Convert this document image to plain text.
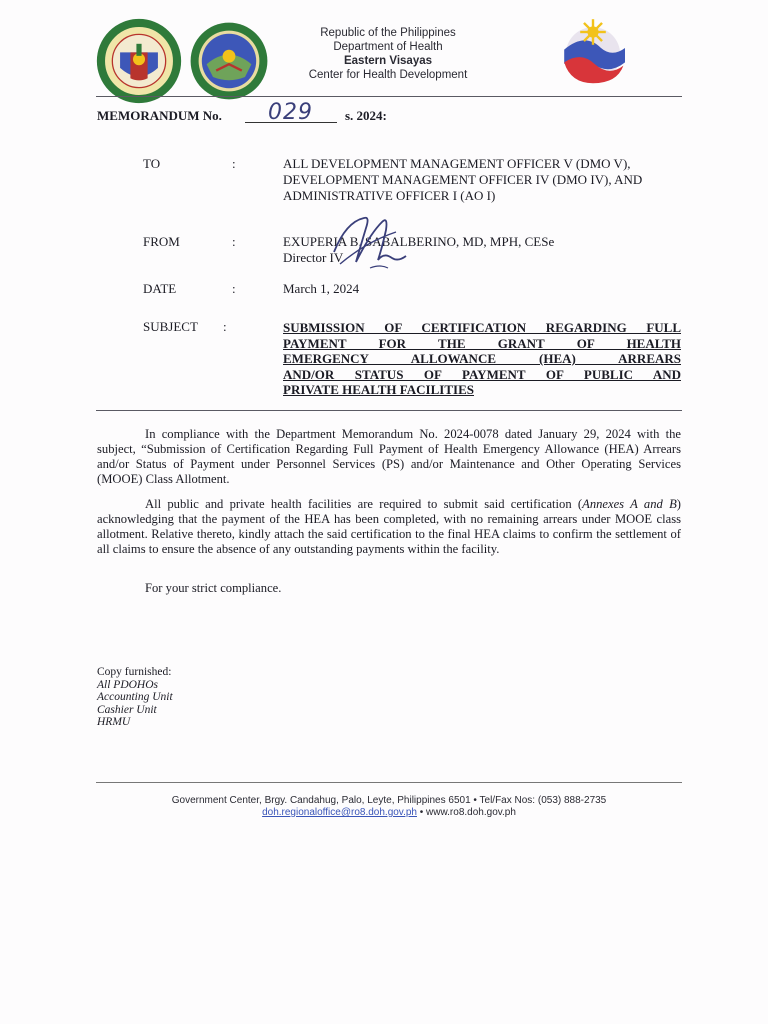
Republic of the Philippines
Department of Health
Eastern Visayas
Center for Health Development
MEMORANDUM No. 029 s. 2024:
TO	:	ALL DEVELOPMENT MANAGEMENT OFFICER V (DMO V), DEVELOPMENT MANAGEMENT OFFICER IV (DMO IV), AND ADMINISTRATIVE OFFICER I (AO I)
FROM	:	EXUPERIA B. SABALBERINO, MD, MPH, CESe
Director IV
DATE	:	March 1, 2024
SUBJECT :	SUBMISSION OF CERTIFICATION REGARDING FULL
PAYMENT FOR THE GRANT OF HEALTH
EMERGENCY ALLOWANCE (HEA) ARREARS
AND/OR STATUS OF PAYMENT OF PUBLIC AND
PRIVATE HEALTH FACILITIES
In compliance with the Department Memorandum No. 2024-0078 dated January 29, 2024 with the subject, “Submission of Certification Regarding Full Payment of Health Emergency Allowance (HEA) Arrears and/or Status of Payment under Personnel Services (PS) and/or Maintenance and Other Operating Services (MOOE) Class Allotment.
All public and private health facilities are required to submit said certification (Annexes A and B) acknowledging that the payment of the HEA has been completed, with no remaining arrears under MOOE class allotment. Relative thereto, kindly attach the said certification to the final HEA claims to confirm the settlement of all claims to ensure the absence of any outstanding payments within the facility.
For your strict compliance.
Copy furnished:
All PDOHOs
Accounting Unit
Cashier Unit
HRMU
Government Center, Brgy. Candahug, Palo, Leyte, Philippines 6501 • Tel/Fax Nos: (053) 888-2735
doh.regionaloffice@ro8.doh.gov.ph • www.ro8.doh.gov.ph
